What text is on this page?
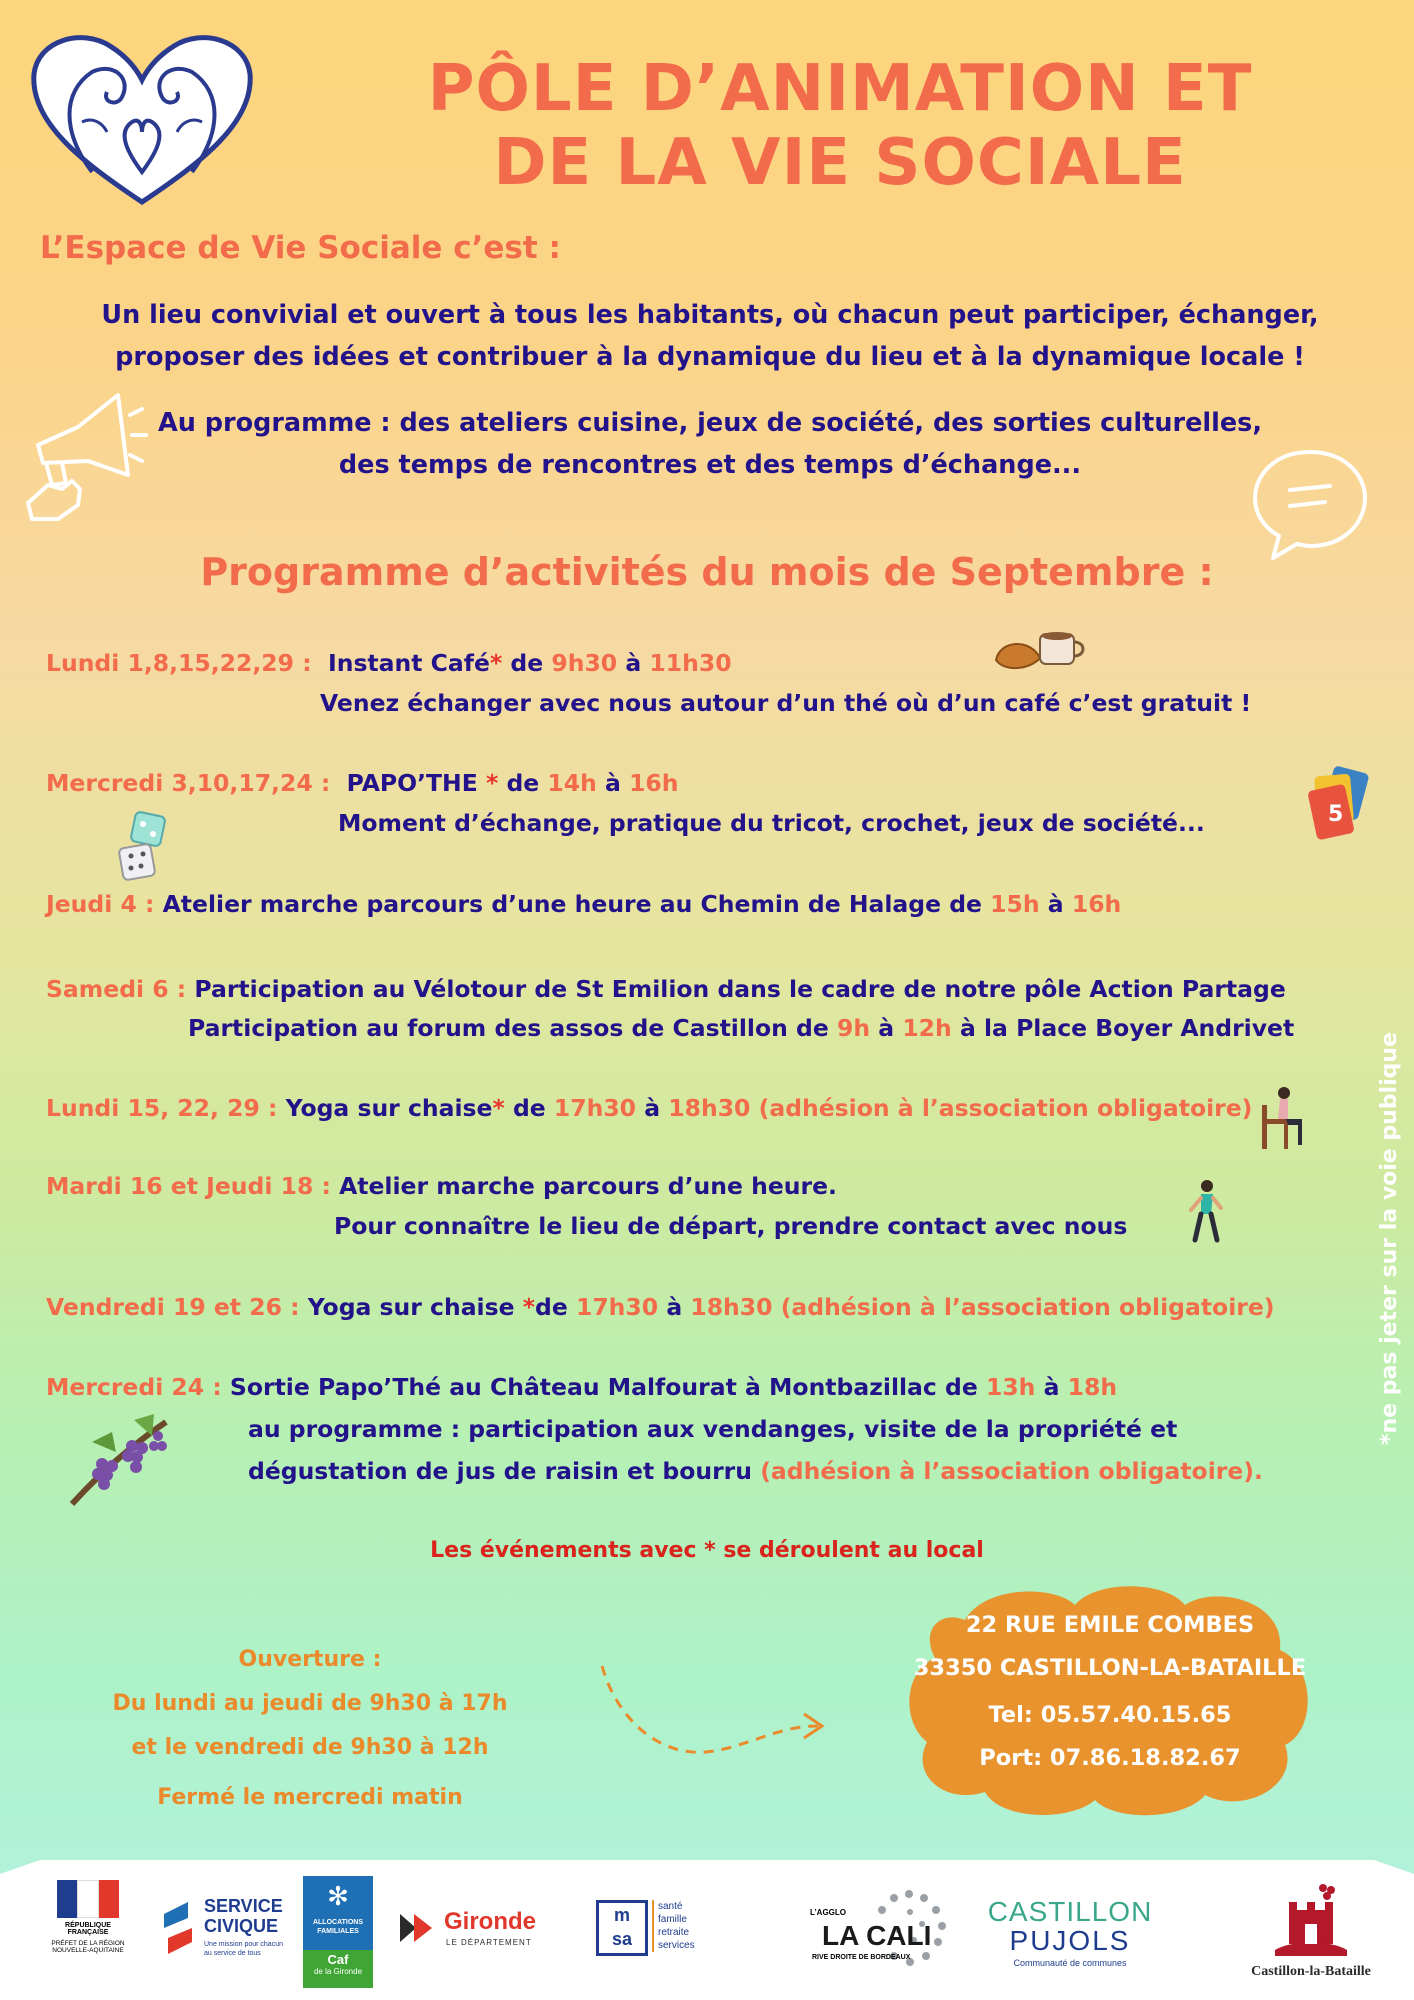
PÔLE D’ANIMATION ET
DE LA VIE SOCIALE
L’Espace de Vie Sociale c’est :
Un lieu convivial et ouvert à tous les habitants, où chacun peut participer, échanger,
proposer des idées et contribuer à la dynamique du lieu et à la dynamique locale !
Au programme : des ateliers cuisine, jeux de société, des sorties culturelles,
des temps de rencontres et des temps d’échange...
Programme d’activités du mois de Septembre :
Lundi 1,8,15,22,29 : Instant Café* de 9h30 à 11h30
Venez échanger avec nous autour d’un thé où d’un café c’est gratuit !
Mercredi 3,10,17,24 : PAPO’THE * de 14h à 16h
Moment d’échange, pratique du tricot, crochet, jeux de société...	5
Jeudi 4 : Atelier marche parcours d’une heure au Chemin de Halage de 15h à 16h
Samedi 6 : Participation au Vélotour de St Emilion dans le cadre de notre pôle Action Partage
Participation au forum des assos de Castillon de 9h à 12h à la Place Boyer Andrivet
Lundi 15, 22, 29 : Yoga sur chaise* de 17h30 à 18h30 (adhésion à l’association obligatoire)
Mardi 16 et Jeudi 18 : Atelier marche parcours d’une heure.
Pour connaître le lieu de départ, prendre contact avec nous
Vendredi 19 et 26 : Yoga sur chaise *de 17h30 à 18h30 (adhésion à l’association obligatoire)
Mercredi 24 : Sortie Papo’Thé au Château Malfourat à Montbazillac de 13h à 18h
au programme : participation aux vendanges, visite de la propriété et
dégustation de jus de raisin et bourru (adhésion à l’association obligatoire).
Les événements avec * se déroulent au local
Ouverture :
Du lundi au jeudi de 9h30 à 17h
et le vendredi de 9h30 à 12h
Fermé le mercredi matin
22 RUE EMILE COMBES
33350 CASTILLON-LA-BATAILLE
Tel: 05.57.40.15.65
Port: 07.86.18.82.67
*ne pas jeter sur la voie publique
RÉPUBLIQUE FRANÇAISE
PRÉFET DE LA RÉGION NOUVELLE-AQUITAINE
SERVICE
CIVIQUE
Une mission pour chacun au service de tous
✻
ALLOCATIONS FAMILIALES
Caf
de la Gironde
Gironde
LE DÉPARTEMENT
m
sa
santé
famille
retraite
services
L’AGGLO
LA CALI
RIVE DROITE DE BORDEAUX
CASTILLON
PUJOLS
Communauté de communes
Castillon-la-Bataille
